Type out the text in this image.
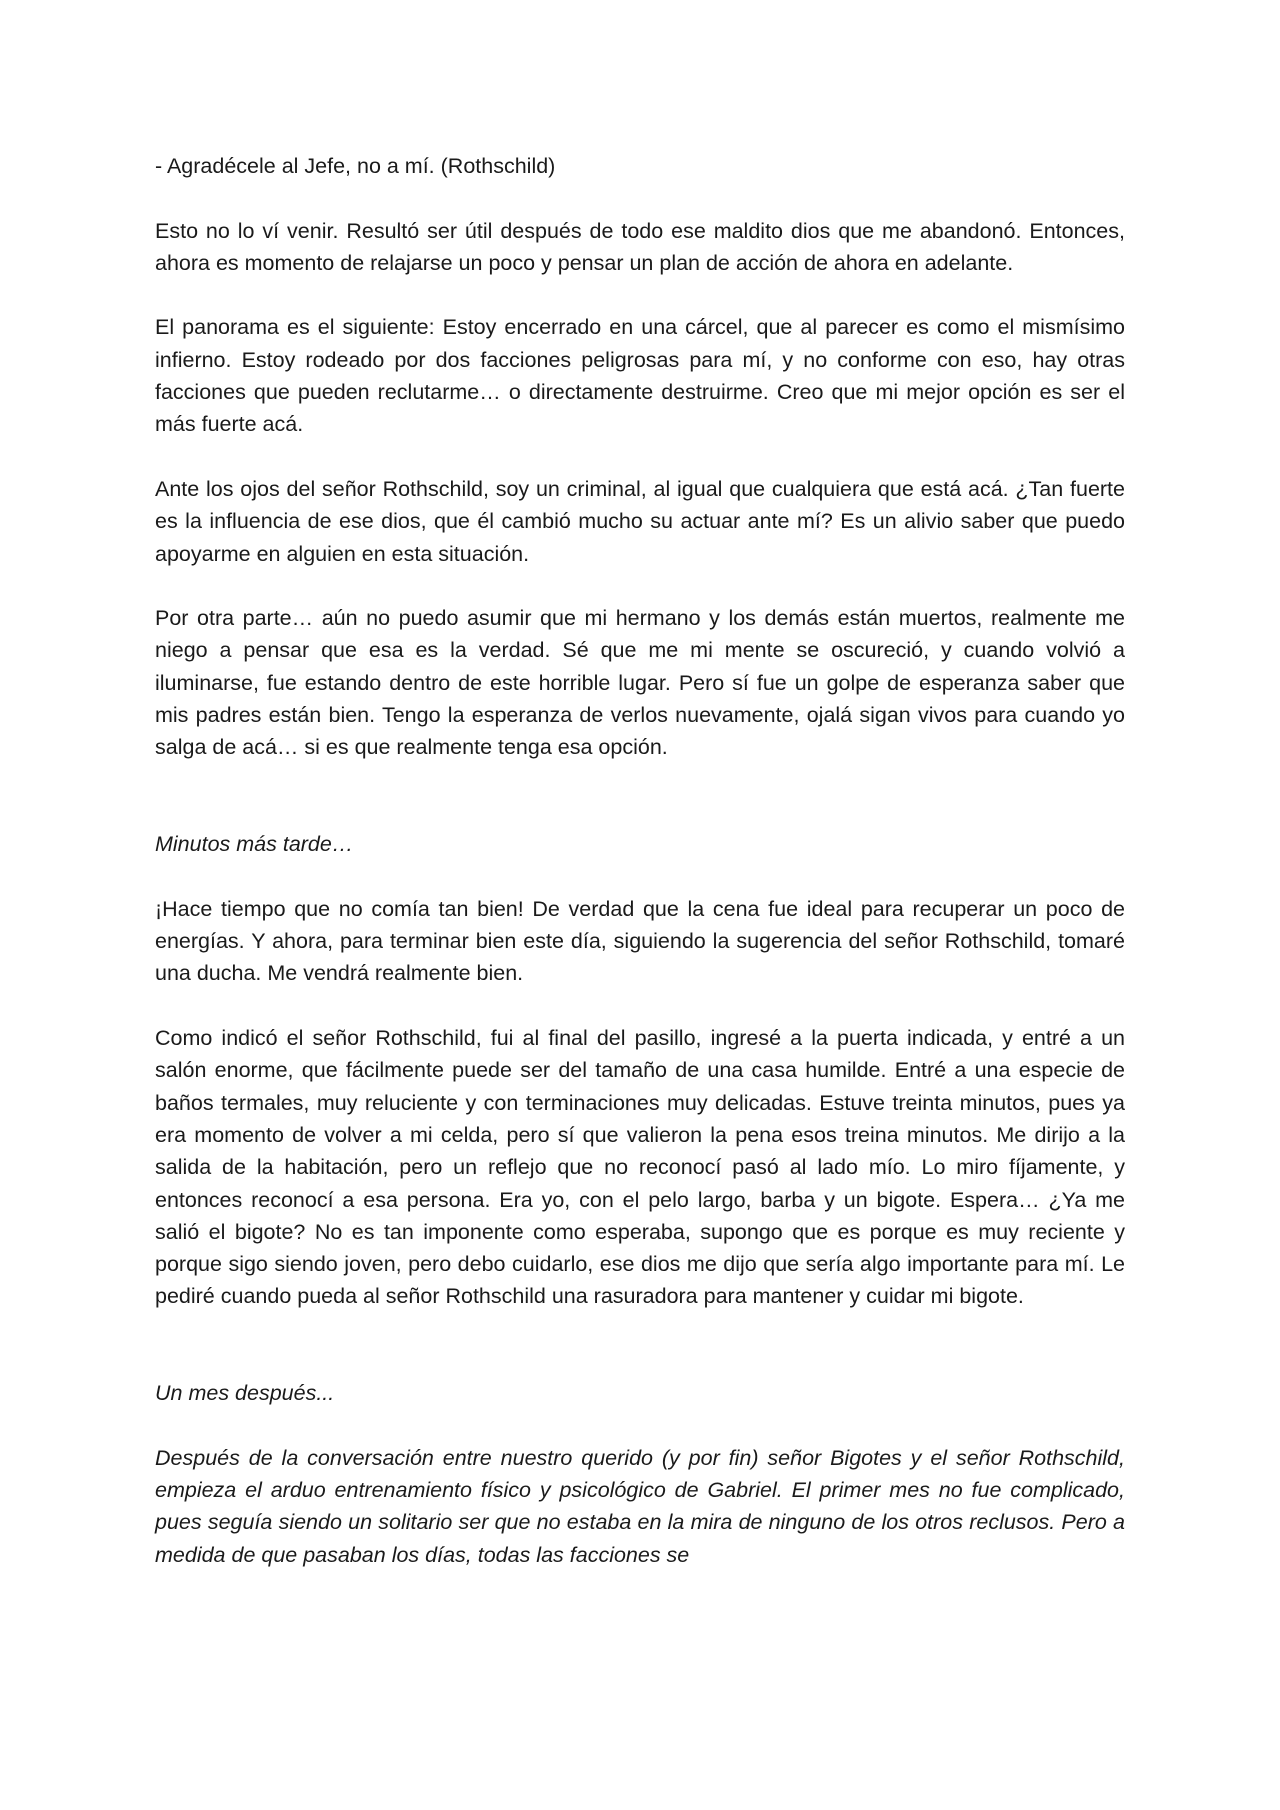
- Agradécele al Jefe, no a mí. (Rothschild)

Esto no lo ví venir. Resultó ser útil después de todo ese maldito dios que me abandonó. Entonces, ahora es momento de relajarse un poco y pensar un plan de acción de ahora en adelante.

El panorama es el siguiente: Estoy encerrado en una cárcel, que al parecer es como el mismísimo infierno. Estoy rodeado por dos facciones peligrosas para mí, y no conforme con eso, hay otras facciones que pueden reclutarme… o directamente destruirme. Creo que mi mejor opción es ser el más fuerte acá.

Ante los ojos del señor Rothschild, soy un criminal, al igual que cualquiera que está acá. ¿Tan fuerte es la influencia de ese dios, que él cambió mucho su actuar ante mí? Es un alivio saber que puedo apoyarme en alguien en esta situación.

Por otra parte… aún no puedo asumir que mi hermano y los demás están muertos, realmente me niego a pensar que esa es la verdad. Sé que me mi mente se oscureció, y cuando volvió a iluminarse, fue estando dentro de este horrible lugar. Pero sí fue un golpe de esperanza saber que mis padres están bien. Tengo la esperanza de verlos nuevamente, ojalá sigan vivos para cuando yo salga de acá… si es que realmente tenga esa opción.

Minutos más tarde…

¡Hace tiempo que no comía tan bien! De verdad que la cena fue ideal para recuperar un poco de energías. Y ahora, para terminar bien este día, siguiendo la sugerencia del señor Rothschild, tomaré una ducha. Me vendrá realmente bien.

Como indicó el señor Rothschild, fui al final del pasillo, ingresé a la puerta indicada, y entré a un salón enorme, que fácilmente puede ser del tamaño de una casa humilde. Entré a una especie de baños termales, muy reluciente y con terminaciones muy delicadas. Estuve treinta minutos, pues ya era momento de volver a mi celda, pero sí que valieron la pena esos treina minutos. Me dirijo a la salida de la habitación, pero un reflejo que no reconocí pasó al lado mío. Lo miro fíjamente, y entonces reconocí a esa persona. Era yo, con el pelo largo, barba y un bigote. Espera… ¿Ya me salió el bigote? No es tan imponente como esperaba, supongo que es porque es muy reciente y porque sigo siendo joven, pero debo cuidarlo, ese dios me dijo que sería algo importante para mí. Le pediré cuando pueda al señor Rothschild una rasuradora para mantener y cuidar mi bigote.

Un mes después...

Después de la conversación entre nuestro querido (y por fin) señor Bigotes y el señor Rothschild, empieza el arduo entrenamiento físico y psicológico de Gabriel. El primer mes no fue complicado, pues seguía siendo un solitario ser que no estaba en la mira de ninguno de los otros reclusos. Pero a medida de que pasaban los días, todas las facciones se
